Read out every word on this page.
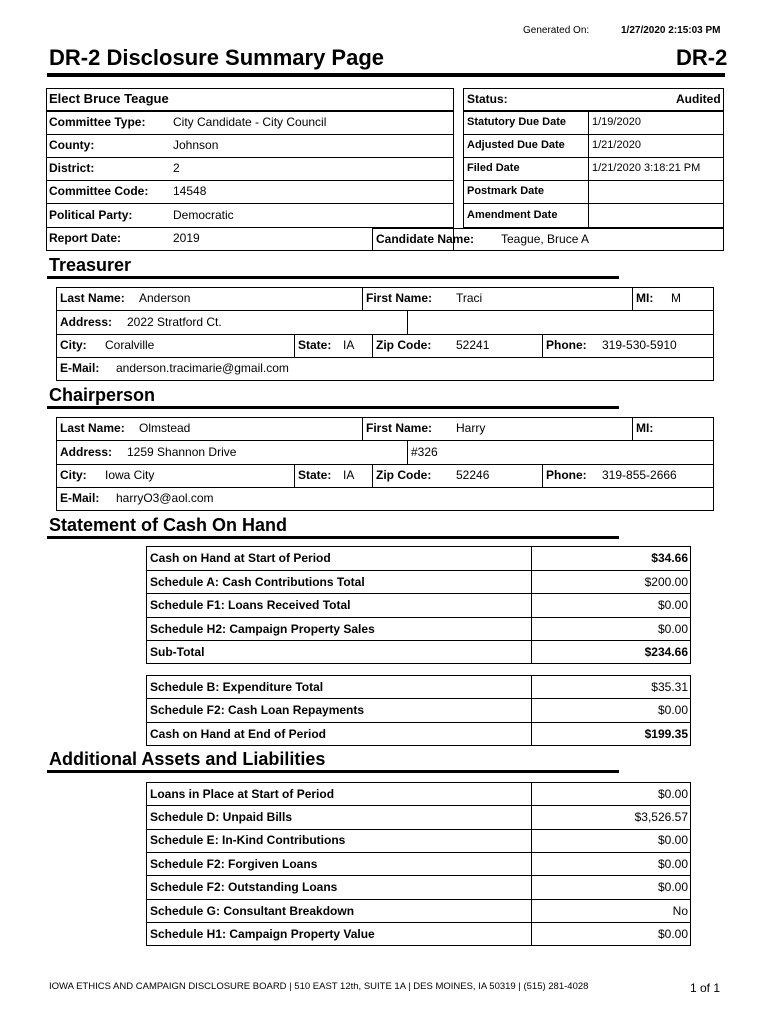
Generated On:	1/27/2020 2:15:03 PM
DR-2 Disclosure Summary Page	DR-2
Elect Bruce Teague	Status:	Audited
Committee Type: City Candidate - City Council
County:	Johnson
District:	2
Committee Code: 14548
Political Party:	Democratic
Report Date:	2019
Statutory Due Date 1/19/2020
Adjusted Due Date 1/21/2020
Filed Date	1/21/2020 3:18:21 PM
Postmark Date
Amendment Date
Candidate Name: Teague, Bruce A
Treasurer
Last Name: Anderson	First Name: Traci	MI: M
Address: 2022 Stratford Ct.
City: Coralville	State: IA Zip Code: 52241	Phone: 319-530-5910
E-Mail: anderson.tracimarie@gmail.com
Chairperson
Last Name: Olmstead	First Name: Harry	MI:
Address: 1259 Shannon Drive	#326
City: Iowa City	State: IA Zip Code: 52246	Phone: 319-855-2666
E-Mail: harryO3@aol.com
Statement of Cash On Hand
Cash on Hand at Start of Period	$34.66
Schedule A: Cash Contributions Total	$200.00
Schedule F1: Loans Received Total	$0.00
Schedule H2: Campaign Property Sales	$0.00
Sub-Total	$234.66
Schedule B: Expenditure Total	$35.31
Schedule F2: Cash Loan Repayments	$0.00
Cash on Hand at End of Period	$199.35
Additional Assets and Liabilities
Loans in Place at Start of Period	$0.00
Schedule D: Unpaid Bills	$3,526.57
Schedule E: In-Kind Contributions	$0.00
Schedule F2: Forgiven Loans	$0.00
Schedule F2: Outstanding Loans	$0.00
Schedule G: Consultant Breakdown	No
Schedule H1: Campaign Property Value	$0.00
IOWA ETHICS AND CAMPAIGN DISCLOSURE BOARD | 510 EAST 12th, SUITE 1A | DES MOINES, IA 50319 | (515) 281-4028	1 of 1
